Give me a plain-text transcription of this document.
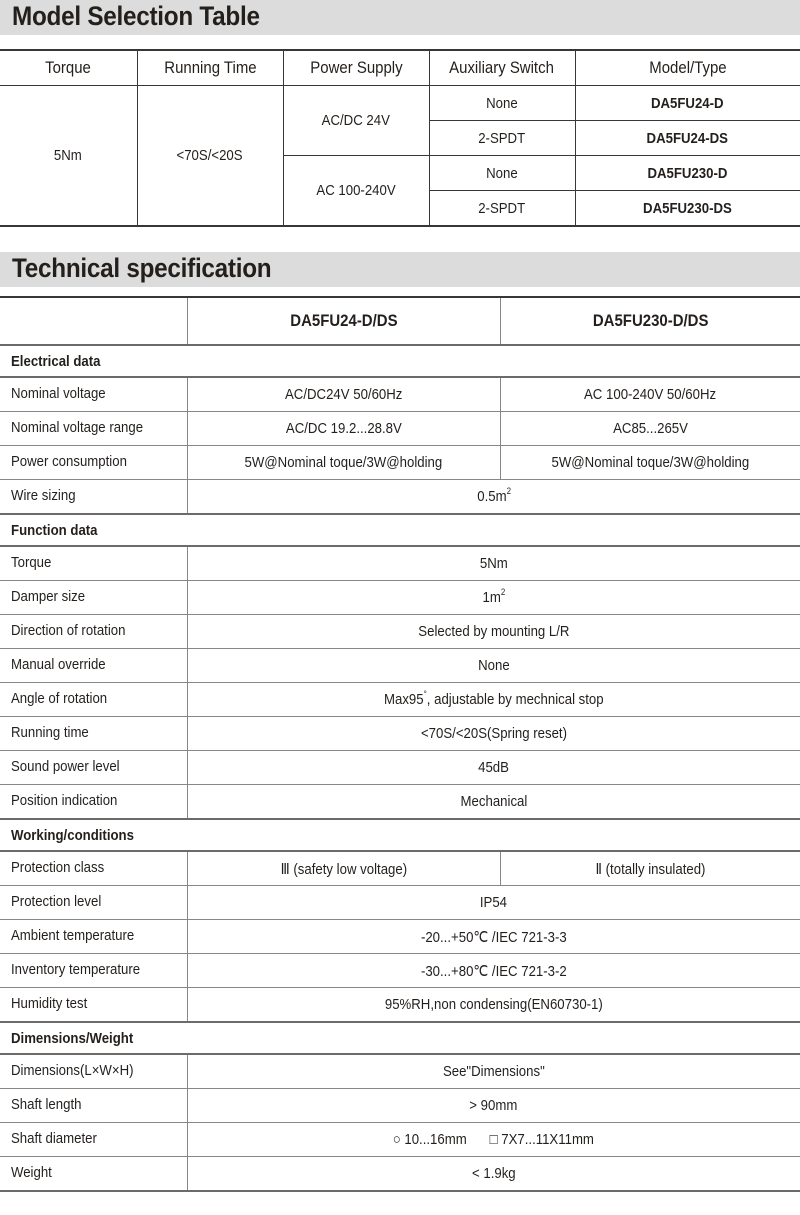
Model Selection Table
Torque	Running Time	Power Supply	Auxiliary Switch	Model/Type
5Nm	<70S/<20S	AC/DC 24V	None	DA5FU24-D
			2-SPDT	DA5FU24-DS
		AC 100-240V	None	DA5FU230-D
			2-SPDT	DA5FU230-DS
Technical specification
	DA5FU24-D/DS	DA5FU230-D/DS
Electrical data		
Nominal voltage	AC/DC24V 50/60Hz	AC 100-240V 50/60Hz
Nominal voltage range	AC/DC 19.2...28.8V	AC85...265V
Power consumption	5W@Nominal toque/3W@holding	5W@Nominal toque/3W@holding
Wire sizing	$0.5m^2$
Function data		
Torque	5Nm	
Damper size	$1m^2$
Direction of rotation	Selected by mounting L/R	
Manual override	None	
Angle of rotation	Max95°, adjustable by mechnical stop	
Running time	<70S/<20S(Spring reset)	
Sound power level	45dB	
Position indication	Mechanical	
Working/conditions		
Protection class	Ⅲ (safety low voltage)	Ⅱ (totally insulated)
Protection level	IP54	
Ambient temperature	-20...+50℃ /IEC 721-3-3	
Inventory temperature	-30...+80℃ /IEC 721-3-2	
Humidity test	95%RH,non condensing(EN60730-1)	
Dimensions/Weight		
Dimensions(L×W×H)	See"Dimensions"	
Shaft length	> 90mm	
Shaft diameter	○ 10...16mm □ 7X7...11X11mm	
Weight	< 1.9kg	
